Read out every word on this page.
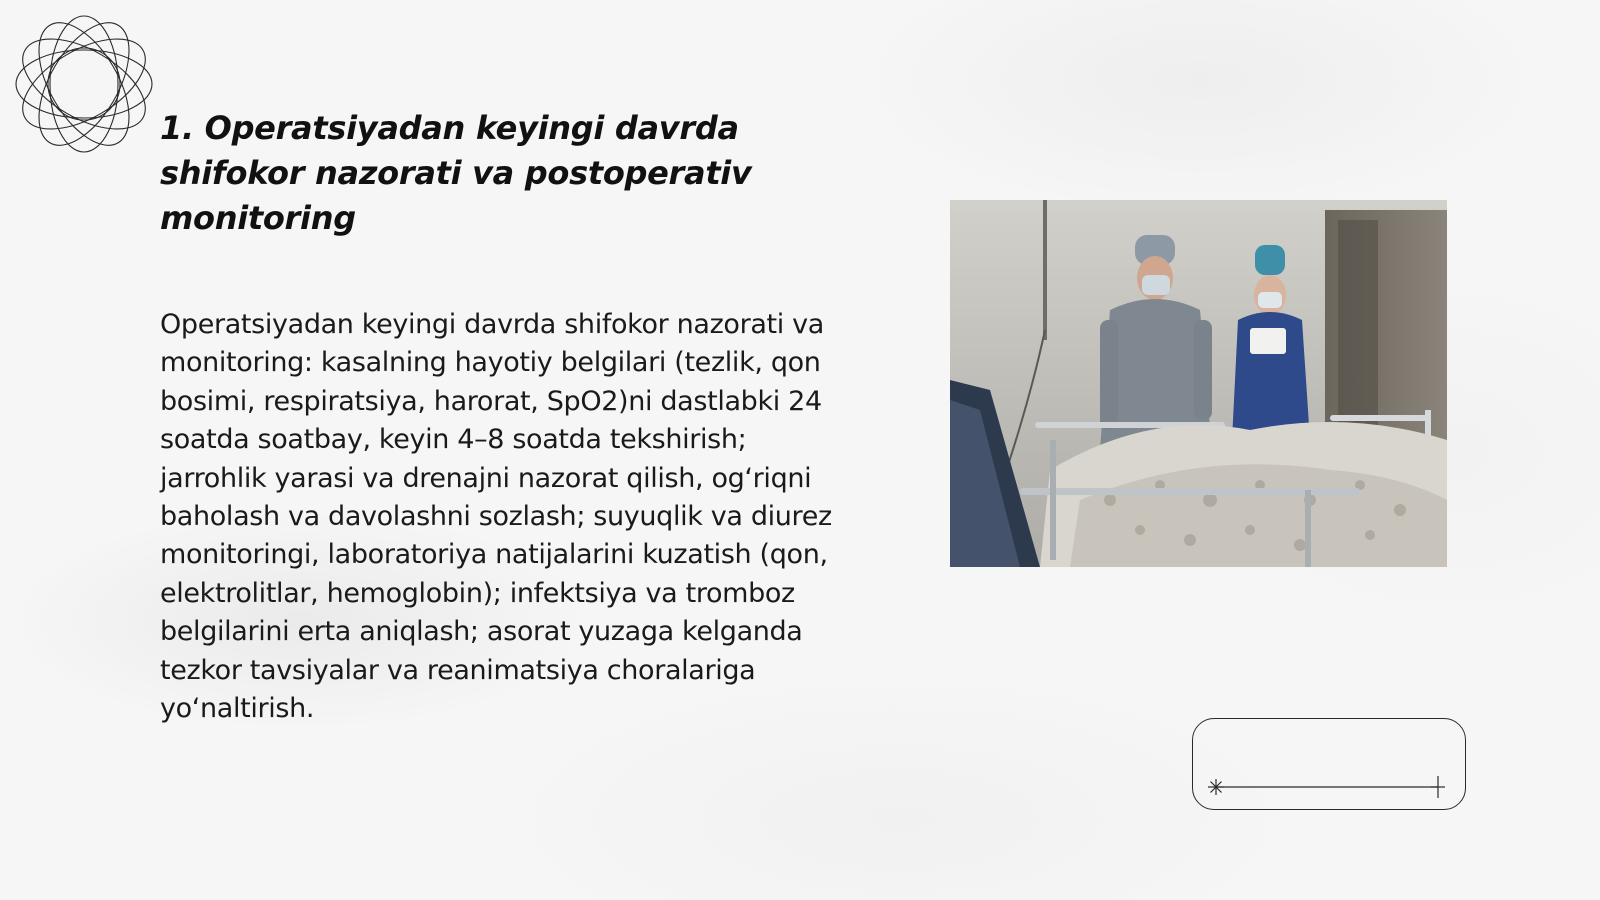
1. Operatsiyadan keyingi davrda shifokor nazorati va postoperativ monitoring

Operatsiyadan keyingi davrda shifokor nazorati va monitoring: kasalning hayotiy belgilari (tezlik, qon bosimi, respiratsiya, harorat, SpO2)ni dastlabki 24 soatda soatbay, keyin 4–8 soatda tekshirish; jarrohlik yarasi va drenajni nazorat qilish, og‘riqni baholash va davolashni sozlash; suyuqlik va diurez monitoringi, laboratoriya natijalarini kuzatish (qon, elektrolitlar, hemoglobin); infektsiya va tromboz belgilarini erta aniqlash; asorat yuzaga kelganda tezkor tavsiyalar va reanimatsiya choralariga yo‘naltirish.
